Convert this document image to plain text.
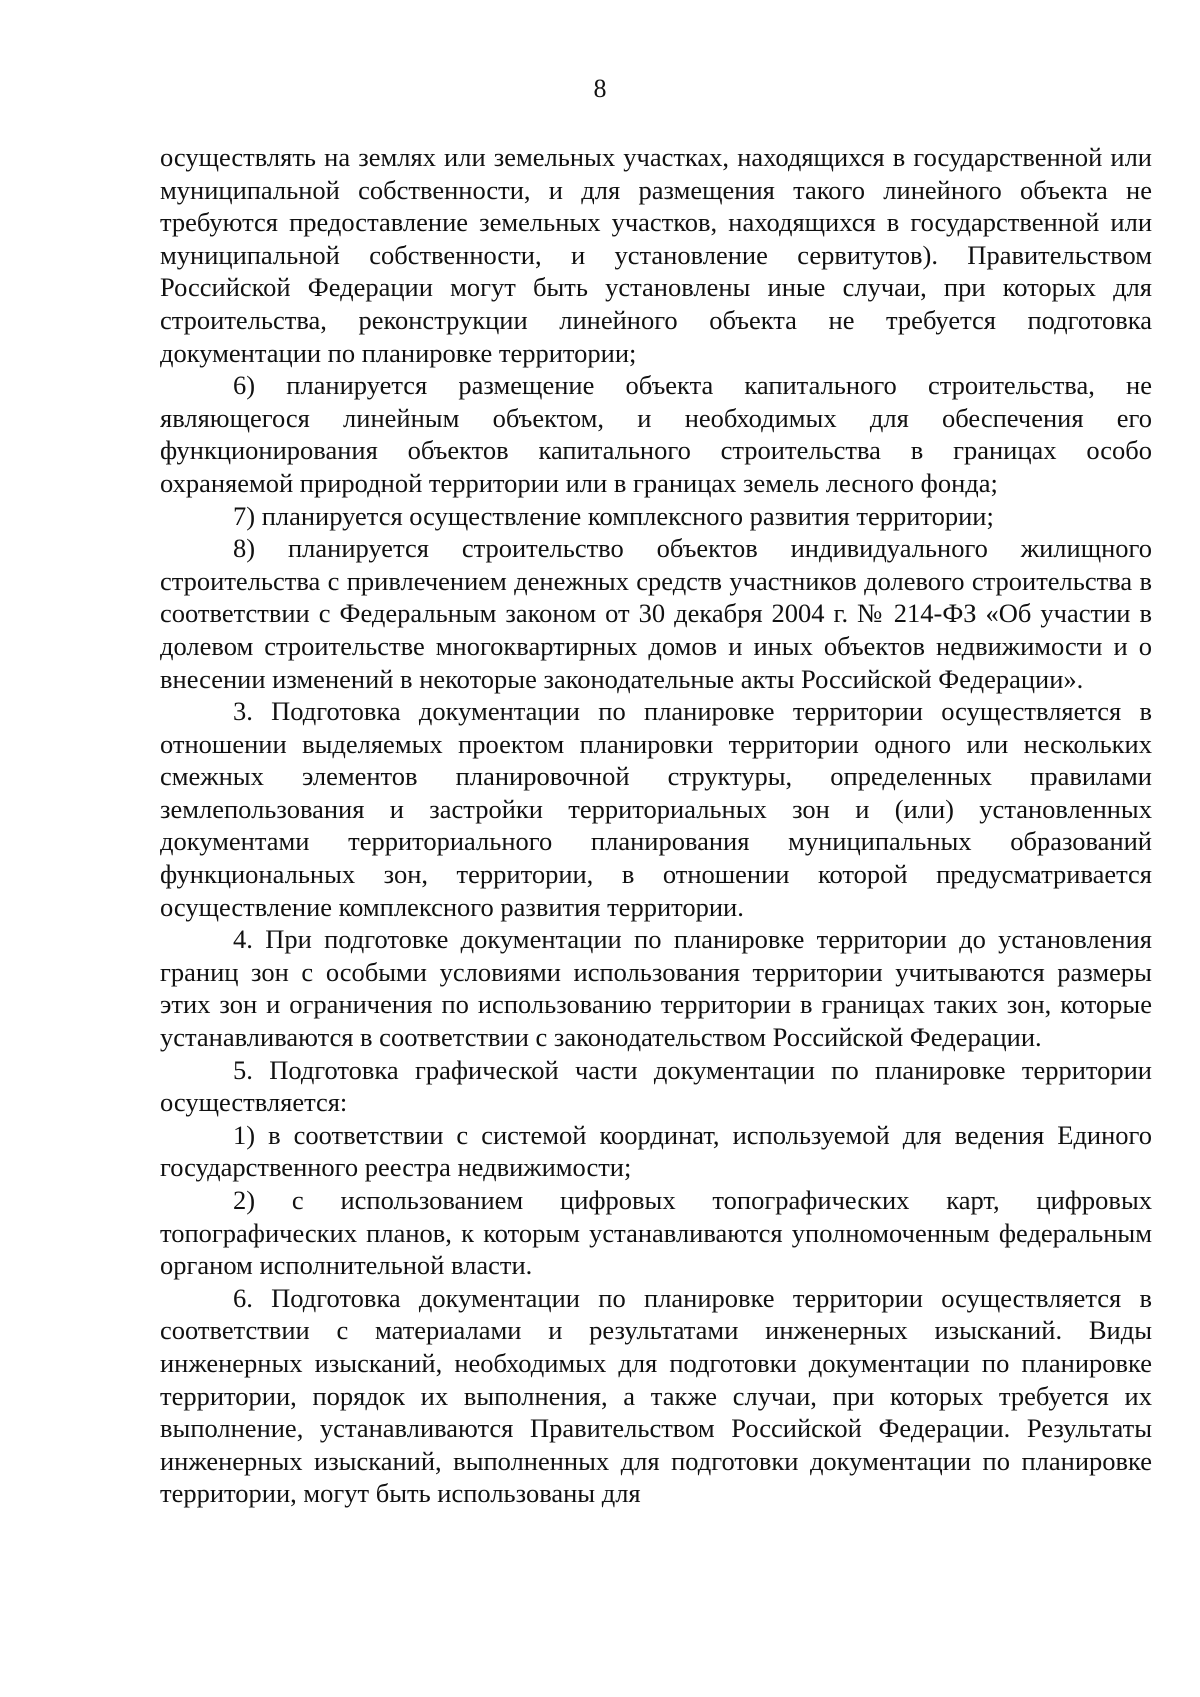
8

осуществлять на землях или земельных участках, находящихся в государственной или муниципальной собственности, и для размещения такого линейного объекта не требуются предоставление земельных участков, находящихся в государственной или муниципальной собственности, и установление сервитутов). Правительством Российской Федерации могут быть установлены иные случаи, при которых для строительства, реконструкции линейного объекта не требуется подготовка документации по планировке территории;

6) планируется размещение объекта капитального строительства, не являющегося линейным объектом, и необходимых для обеспечения его функционирования объектов капитального строительства в границах особо охраняемой природной территории или в границах земель лесного фонда;

7) планируется осуществление комплексного развития территории;

8) планируется строительство объектов индивидуального жилищного строительства с привлечением денежных средств участников долевого строительства в соответствии с Федеральным законом от 30 декабря 2004 г. № 214-ФЗ «Об участии в долевом строительстве многоквартирных домов и иных объектов недвижимости и о внесении изменений в некоторые законодательные акты Российской Федерации».

3. Подготовка документации по планировке территории осуществляется в отношении выделяемых проектом планировки территории одного или нескольких смежных элементов планировочной структуры, определенных правилами землепользования и застройки территориальных зон и (или) установленных документами территориального планирования муниципальных образований функциональных зон, территории, в отношении которой предусматривается осуществление комплексного развития территории.

4. При подготовке документации по планировке территории до установления границ зон с особыми условиями использования территории учитываются размеры этих зон и ограничения по использованию территории в границах таких зон, которые устанавливаются в соответствии с законодательством Российской Федерации.

5. Подготовка графической части документации по планировке территории осуществляется:

1) в соответствии с системой координат, используемой для ведения Единого государственного реестра недвижимости;

2) с использованием цифровых топографических карт, цифровых топографических планов, к которым устанавливаются уполномоченным федеральным органом исполнительной власти.

6. Подготовка документации по планировке территории осуществляется в соответствии с материалами и результатами инженерных изысканий. Виды инженерных изысканий, необходимых для подготовки документации по планировке территории, порядок их выполнения, а также случаи, при которых требуется их выполнение, устанавливаются Правительством Российской Федерации. Результаты инженерных изысканий, выполненных для подготовки документации по планировке территории, могут быть использованы для
